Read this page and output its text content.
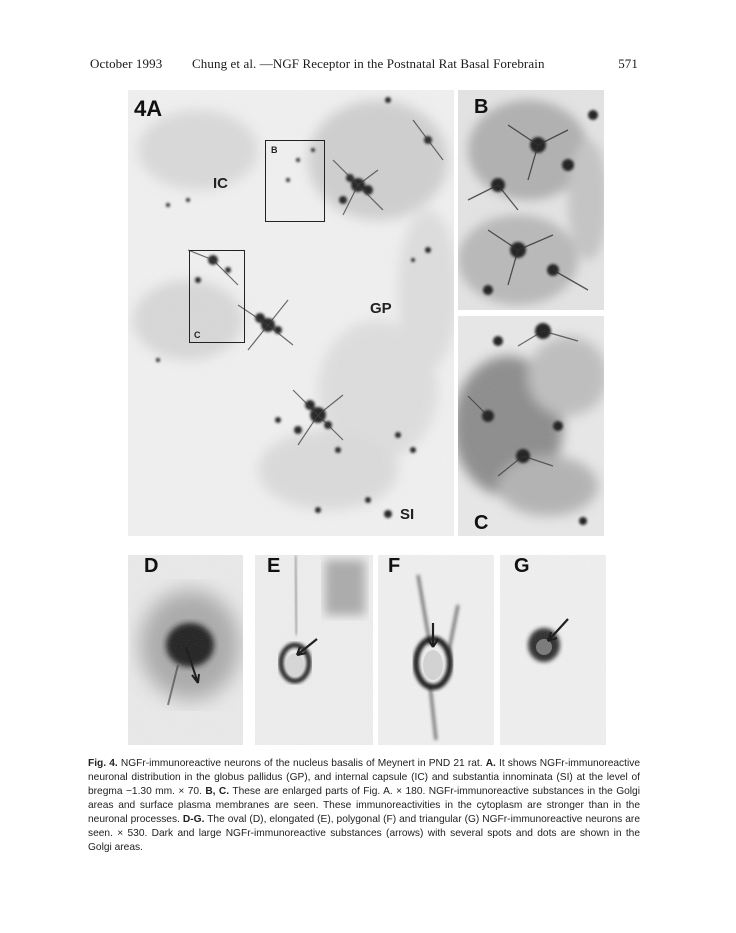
October 1993 Chung et al. —NGF Receptor in the Postnatal Rat Basal Forebrain	571
4A
IC
GP
SI
B
C
B
C
D	E	F	G
Fig. 4. NGFr-immunoreactive neurons of the nucleus basalis of Meynert in PND 21 rat. A. It shows NGFr-immunoreactive neuronal distribution in the globus pallidus (GP), and internal capsule (IC) and substantia innominata (SI) at the level of bregma −1.30 mm. × 70. B, C. These are enlarged parts of Fig. A. × 180. NGFr-immunoreactive substances in the Golgi areas and surface plasma membranes are seen. These immunoreactivities in the cytoplasm are stronger than in the neuronal processes. D-G. The oval (D), elongated (E), polygonal (F) and triangular (G) NGFr-immunoreactive neurons are seen. × 530. Dark and large NGFr-immunoreactive substances (arrows) with several spots and dots are shown in the Golgi areas.
